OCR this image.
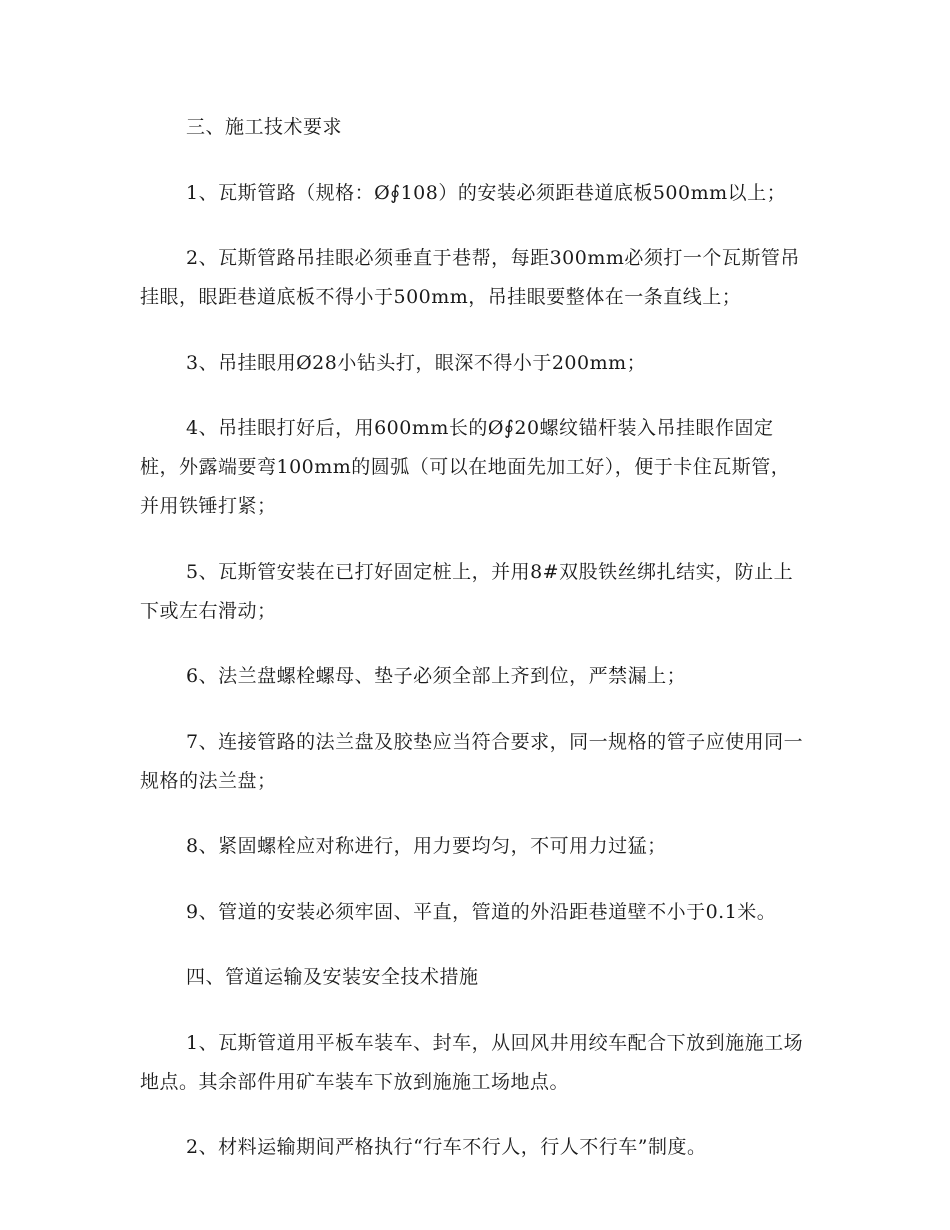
三、施工技术要求

1、瓦斯管路（规格：Ø∮108）的安装必须距巷道底板500mm以上；

2、瓦斯管路吊挂眼必须垂直于巷帮，每距300mm必须打一个瓦斯管吊挂眼，眼距巷道底板不得小于500mm，吊挂眼要整体在一条直线上；

3、吊挂眼用Ø28小钻头打，眼深不得小于200mm；

4、吊挂眼打好后，用600mm长的Ø∮20螺纹锚杆装入吊挂眼作固定桩，外露端要弯100mm的圆弧（可以在地面先加工好），便于卡住瓦斯管，并用铁锤打紧；

5、瓦斯管安装在已打好固定桩上，并用8#双股铁丝绑扎结实，防止上下或左右滑动；

6、法兰盘螺栓螺母、垫子必须全部上齐到位，严禁漏上；

7、连接管路的法兰盘及胶垫应当符合要求，同一规格的管子应使用同一规格的法兰盘；

8、紧固螺栓应对称进行，用力要均匀，不可用力过猛；

9、管道的安装必须牢固、平直，管道的外沿距巷道壁不小于0.1米。

四、管道运输及安装安全技术措施

1、瓦斯管道用平板车装车、封车，从回风井用绞车配合下放到施施工场地点。其余部件用矿车装车下放到施施工场地点。

2、材料运输期间严格执行“行车不行人，行人不行车”制度。
